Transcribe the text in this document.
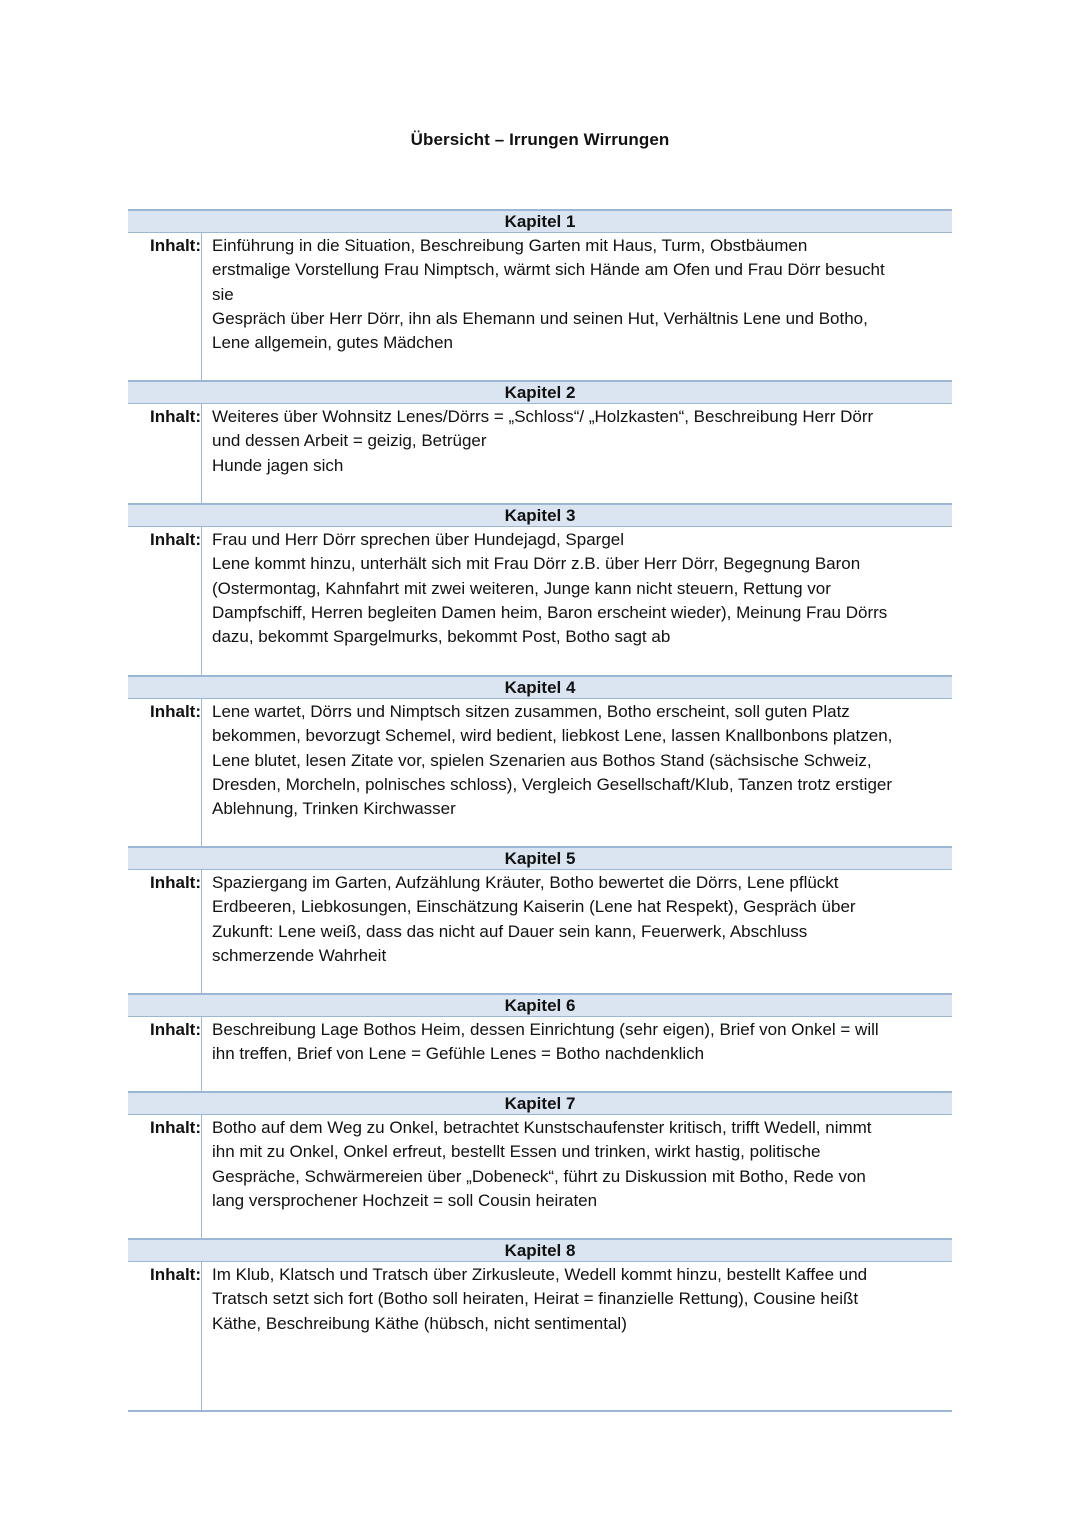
Übersicht – Irrungen Wirrungen
Kapitel 1
Inhalt: Einführung in die Situation, Beschreibung Garten mit Haus, Turm, Obstbäumen

erstmalige Vorstellung Frau Nimptsch, wärmt sich Hände am Ofen und Frau Dörr besucht

sie

Gespräch über Herr Dörr, ihn als Ehemann und seinen Hut, Verhältnis Lene und Botho,

Lene allgemein, gutes Mädchen

Kapitel 2
Inhalt: Weiteres über Wohnsitz Lenes/Dörrs = „Schloss“/ „Holzkasten“, Beschreibung Herr Dörr

und dessen Arbeit = geizig, Betrüger

Hunde jagen sich

Kapitel 3
Inhalt: Frau und Herr Dörr sprechen über Hundejagd, Spargel

Lene kommt hinzu, unterhält sich mit Frau Dörr z.B. über Herr Dörr, Begegnung Baron

(Ostermontag, Kahnfahrt mit zwei weiteren, Junge kann nicht steuern, Rettung vor

Dampfschiff, Herren begleiten Damen heim, Baron erscheint wieder), Meinung Frau Dörrs

dazu, bekommt Spargelmurks, bekommt Post, Botho sagt ab

Kapitel 4
Inhalt: Lene wartet, Dörrs und Nimptsch sitzen zusammen, Botho erscheint, soll guten Platz

bekommen, bevorzugt Schemel, wird bedient, liebkost Lene, lassen Knallbonbons platzen,

Lene blutet, lesen Zitate vor, spielen Szenarien aus Bothos Stand (sächsische Schweiz,

Dresden, Morcheln, polnisches schloss), Vergleich Gesellschaft/Klub, Tanzen trotz erstiger

Ablehnung, Trinken Kirchwasser

Kapitel 5
Inhalt: Spaziergang im Garten, Aufzählung Kräuter, Botho bewertet die Dörrs, Lene pflückt

Erdbeeren, Liebkosungen, Einschätzung Kaiserin (Lene hat Respekt), Gespräch über

Zukunft: Lene weiß, dass das nicht auf Dauer sein kann, Feuerwerk, Abschluss

schmerzende Wahrheit

Kapitel 6
Inhalt: Beschreibung Lage Bothos Heim, dessen Einrichtung (sehr eigen), Brief von Onkel = will

ihn treffen, Brief von Lene = Gefühle Lenes = Botho nachdenklich

Kapitel 7
Inhalt: Botho auf dem Weg zu Onkel, betrachtet Kunstschaufenster kritisch, trifft Wedell, nimmt

ihn mit zu Onkel, Onkel erfreut, bestellt Essen und trinken, wirkt hastig, politische

Gespräche, Schwärmereien über „Dobeneck“, führt zu Diskussion mit Botho, Rede von

lang versprochener Hochzeit = soll Cousin heiraten

Kapitel 8
Inhalt: Im Klub, Klatsch und Tratsch über Zirkusleute, Wedell kommt hinzu, bestellt Kaffee und

Tratsch setzt sich fort (Botho soll heiraten, Heirat = finanzielle Rettung), Cousine heißt

Käthe, Beschreibung Käthe (hübsch, nicht sentimental)
